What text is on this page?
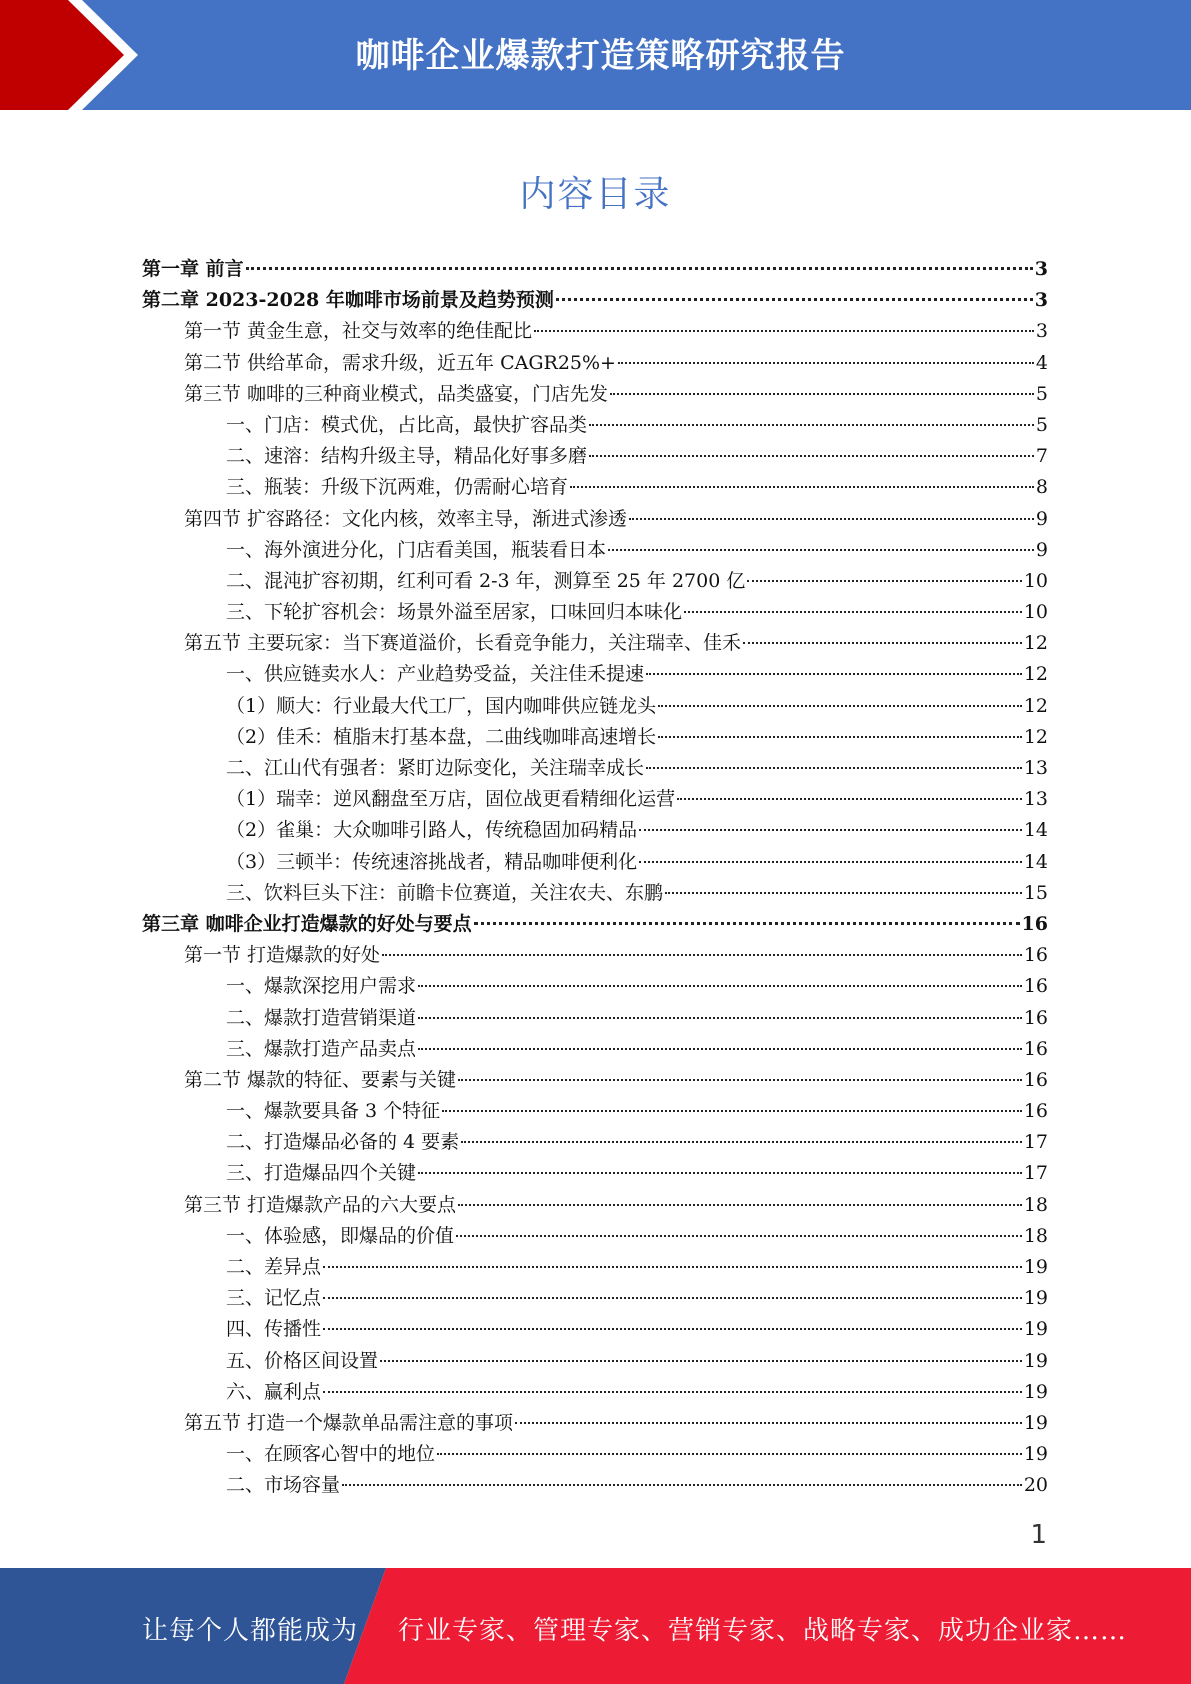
咖啡企业爆款打造策略研究报告
内容目录
第一章 前言	3
第二章 2023-2028 年咖啡市场前景及趋势预测	3
第一节 黄金生意，社交与效率的绝佳配比	3
第二节 供给革命，需求升级，近五年 CAGR25%+	4
第三节 咖啡的三种商业模式，品类盛宴，门店先发	5
一、门店：模式优，占比高，最快扩容品类	5
二、速溶：结构升级主导，精品化好事多磨	7
三、瓶装：升级下沉两难，仍需耐心培育	8
第四节 扩容路径：文化内核，效率主导，渐进式渗透	9
一、海外演进分化，门店看美国，瓶装看日本	9
二、混沌扩容初期，红利可看 2-3 年，测算至 25 年 2700 亿	10
三、下轮扩容机会：场景外溢至居家，口味回归本味化	10
第五节 主要玩家：当下赛道溢价，长看竞争能力，关注瑞幸、佳禾	12
一、供应链卖水人：产业趋势受益，关注佳禾提速	12
（1）顺大：行业最大代工厂，国内咖啡供应链龙头	12
（2）佳禾：植脂末打基本盘，二曲线咖啡高速增长	12
二、江山代有强者：紧盯边际变化，关注瑞幸成长	13
（1）瑞幸：逆风翻盘至万店，固位战更看精细化运营	13
（2）雀巢：大众咖啡引路人，传统稳固加码精品	14
（3）三顿半：传统速溶挑战者，精品咖啡便利化	14
三、饮料巨头下注：前瞻卡位赛道，关注农夫、东鹏	15
第三章 咖啡企业打造爆款的好处与要点	16
第一节 打造爆款的好处	16
一、爆款深挖用户需求	16
二、爆款打造营销渠道	16
三、爆款打造产品卖点	16
第二节 爆款的特征、要素与关键	16
一、爆款要具备 3 个特征	16
二、打造爆品必备的 4 要素	17
三、打造爆品四个关键	17
第三节 打造爆款产品的六大要点	18
一、体验感，即爆品的价值	18
二、差异点	19
三、记忆点	19
四、传播性	19
五、价格区间设置	19
六、赢利点	19
第五节 打造一个爆款单品需注意的事项	19
一、在顾客心智中的地位	19
二、市场容量	20
1
让每个人都能成为 行业专家、管理专家、营销专家、战略专家、成功企业家……
